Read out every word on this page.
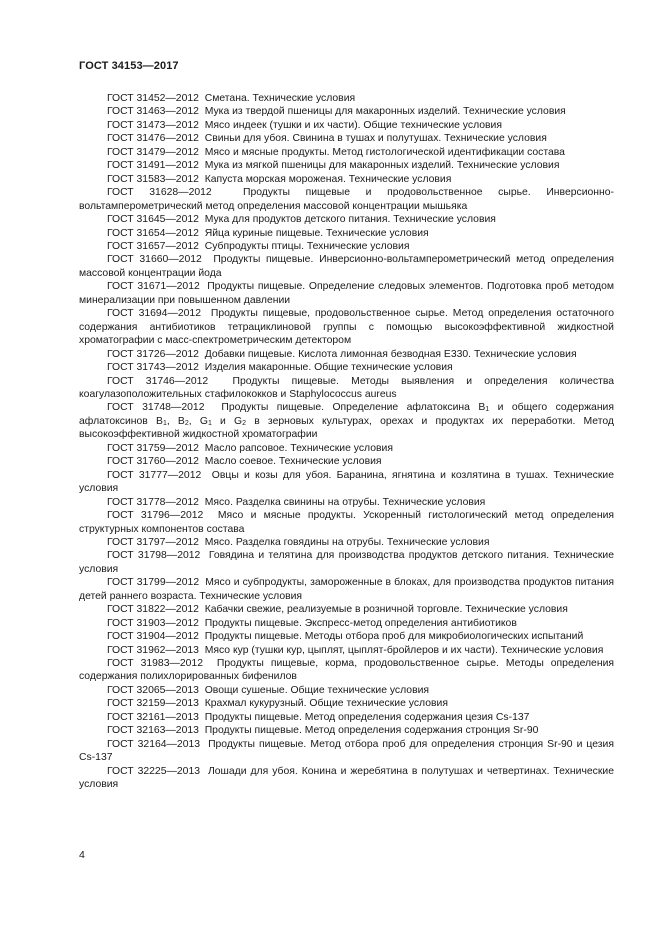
ГОСТ 34153—2017

ГОСТ 31452—2012 Сметана. Технические условия

ГОСТ 31463—2012 Мука из твердой пшеницы для макаронных изделий. Технические условия

ГОСТ 31473—2012 Мясо индеек (тушки и их части). Общие технические условия

ГОСТ 31476—2012 Свиньи для убоя. Свинина в тушах и полутушах. Технические условия

ГОСТ 31479—2012 Мясо и мясные продукты. Метод гистологической идентификации состава

ГОСТ 31491—2012 Мука из мягкой пшеницы для макаронных изделий. Технические условия

ГОСТ 31583—2012 Капуста морская мороженая. Технические условия

ГОСТ 31628—2012	Продукты пищевые и продовольственное сырье. Инверсионно-вольтамперометрический метод определения массовой концентрации мышьяка

ГОСТ 31645—2012 Мука для продуктов детского питания. Технические условия

ГОСТ 31654—2012 Яйца куриные пищевые. Технические условия

ГОСТ 31657—2012 Субпродукты птицы. Технические условия

ГОСТ 31660—2012 Продукты пищевые. Инверсионно-вольтамперометрический метод определения массовой концентрации йода

ГОСТ 31671—2012 Продукты пищевые. Определение следовых элементов. Подготовка проб методом минерализации при повышенном давлении

ГОСТ 31694—2012 Продукты пищевые, продовольственное сырье. Метод определения остаточного содержания антибиотиков тетрациклиновой группы с помощью высокоэффективной жидкостной хроматографии с масс-спектрометрическим детектором

ГОСТ 31726—2012 Добавки пищевые. Кислота лимонная безводная Е330. Технические условия

ГОСТ 31743—2012 Изделия макаронные. Общие технические условия

ГОСТ 31746—2012 Продукты пищевые. Методы выявления и определения количества коагулазоположительных стафилококков и Staphylococcus aureus

ГОСТ 31748—2012 Продукты пищевые. Определение афлатоксина $B_1$ и общего содержания афлатоксинов $B_1$, $B_2$, $G_1$ и $G_2$ в зерновых культурах, орехах и продуктах их переработки. Метод высокоэффективной жидкостной хроматографии

ГОСТ 31759—2012 Масло рапсовое. Технические условия

ГОСТ 31760—2012 Масло соевое. Технические условия

ГОСТ 31777—2012 Овцы и козы для убоя. Баранина, ягнятина и козлятина в тушах. Технические условия

ГОСТ 31778—2012 Мясо. Разделка свинины на отрубы. Технические условия

ГОСТ 31796—2012 Мясо и мясные продукты. Ускоренный гистологический метод определения структурных компонентов состава

ГОСТ 31797—2012 Мясо. Разделка говядины на отрубы. Технические условия

ГОСТ 31798—2012 Говядина и телятина для производства продуктов детского питания. Технические условия

ГОСТ 31799—2012 Мясо и субпродукты, замороженные в блоках, для производства продуктов питания детей раннего возраста. Технические условия

ГОСТ 31822—2012 Кабачки свежие, реализуемые в розничной торговле. Технические условия

ГОСТ 31903—2012 Продукты пищевые. Экспресс-метод определения антибиотиков

ГОСТ 31904—2012 Продукты пищевые. Методы отбора проб для микробиологических испытаний

ГОСТ 31962—2013 Мясо кур (тушки кур, цыплят, цыплят-бройлеров и их части). Технические условия

ГОСТ 31983—2012 Продукты пищевые, корма, продовольственное сырье. Методы определения содержания полихлорированных бифенилов

ГОСТ 32065—2013 Овощи сушеные. Общие технические условия

ГОСТ 32159—2013 Крахмал кукурузный. Общие технические условия

ГОСТ 32161—2013 Продукты пищевые. Метод определения содержания цезия Cs-137

ГОСТ 32163—2013 Продукты пищевые. Метод определения содержания стронция Sr-90

ГОСТ 32164—2013 Продукты пищевые. Метод отбора проб для определения стронция Sr-90 и цезия Cs-137

ГОСТ 32225—2013 Лошади для убоя. Конина и жеребятина в полутушах и четвертинах. Технические условия

4
